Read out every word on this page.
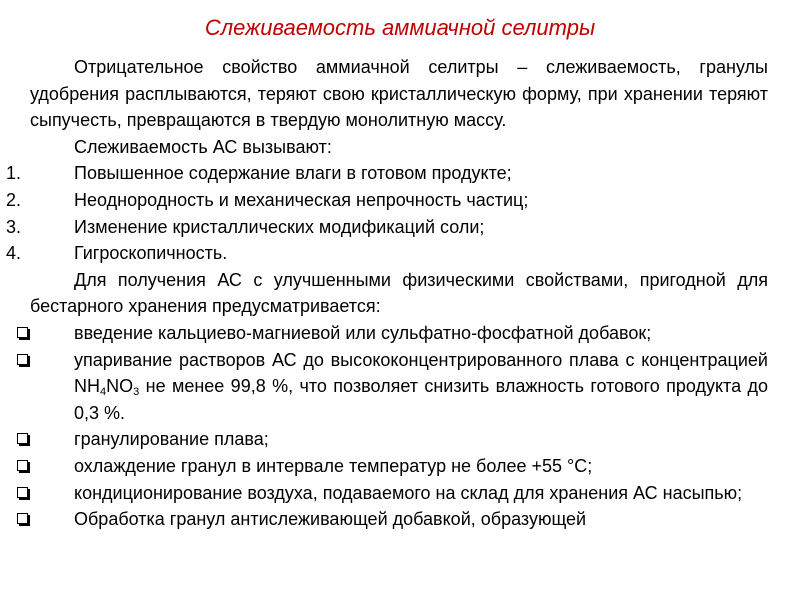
Слеживаемость аммиачной селитры

Отрицательное свойство аммиачной селитры – слеживаемость, гранулы удобрения расплываются, теряют свою кристаллическую форму, при хранении теряют сыпучесть, превращаются в твердую монолитную массу.

Слеживаемость АС вызывают:

1.	Повышенное содержание влаги в готовом продукте;
2.	Неоднородность и механическая непрочность частиц;
3.	Изменение кристаллических модификаций соли;
4.	Гигроскопичность.

Для получения АС с улучшенными физическими свойствами, пригодной для бестарного хранения предусматривается:

введение кальциево-магниевой или сульфатно-фосфатной добавок;
упаривание растворов АС до высококонцентрированного плава с концентрацией $NH_4NO_3$ не менее 99,8 %, что позволяет снизить влажность готового продукта до 0,3 %.
гранулирование плава;
охлаждение гранул в интервале температур не более +55 °С;
кондиционирование воздуха, подаваемого на склад для хранения АС насыпью;
Обработка гранул антислеживающей добавкой, образующей
